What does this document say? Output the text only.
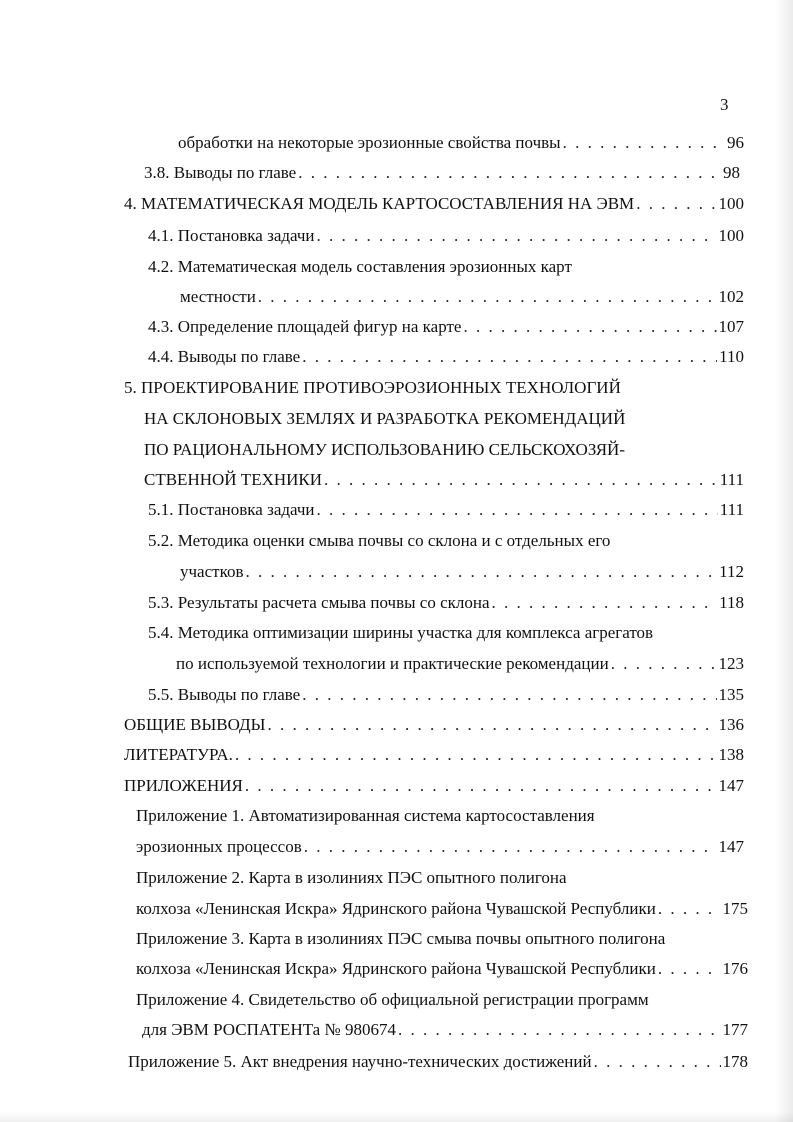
3
обработки на некоторые эрозионные свойства почвы . . .	96
3.8. Выводы по главе . . .	98
4. МАТЕМАТИЧЕСКАЯ МОДЕЛЬ КАРТОСОСТАВЛЕНИЯ НА ЭВМ . . .	100
4.1. Постановка задачи . . .	100
4.2. Математическая модель составления эрозионных карт
местности . . .	102
4.3. Определение площадей фигур на карте . . .	107
4.4. Выводы по главе . . .	110
5. ПРОЕКТИРОВАНИЕ ПРОТИВОЭРОЗИОННЫХ ТЕХНОЛОГИЙ
НА СКЛОНОВЫХ ЗЕМЛЯХ И РАЗРАБОТКА РЕКОМЕНДАЦИЙ
ПО РАЦИОНАЛЬНОМУ ИСПОЛЬЗОВАНИЮ СЕЛЬСКОХОЗЯЙ-
СТВЕННОЙ ТЕХНИКИ . . .	111
5.1. Постановка задачи . . .	111
5.2. Методика оценки смыва почвы со склона и с отдельных его
участков . . .	112
5.3. Результаты расчета смыва почвы со склона . . .	118
5.4. Методика оптимизации ширины участка для комплекса агрегатов
по используемой технологии и практические рекомендации . . .	123
5.5. Выводы по главе . . .	135
ОБЩИЕ ВЫВОДЫ . . .	136
ЛИТЕРАТУРА. . . .	138
ПРИЛОЖЕНИЯ . . .	147
Приложение 1. Автоматизированная система картосоставления
эрозионных процессов . . .	147
Приложение 2. Карта в изолиниях ПЭС опытного полигона
колхоза «Ленинская Искра» Ядринского района Чувашской Республики . . .	175
Приложение 3. Карта в изолиниях ПЭС смыва почвы опытного полигона
колхоза «Ленинская Искра» Ядринского района Чувашской Республики . . .	176
Приложение 4. Свидетельство об официальной регистрации программ
для ЭВМ РОСПАТЕНТа № 980674 . . .	177
Приложение 5. Акт внедрения научно-технических достижений . . .	178
